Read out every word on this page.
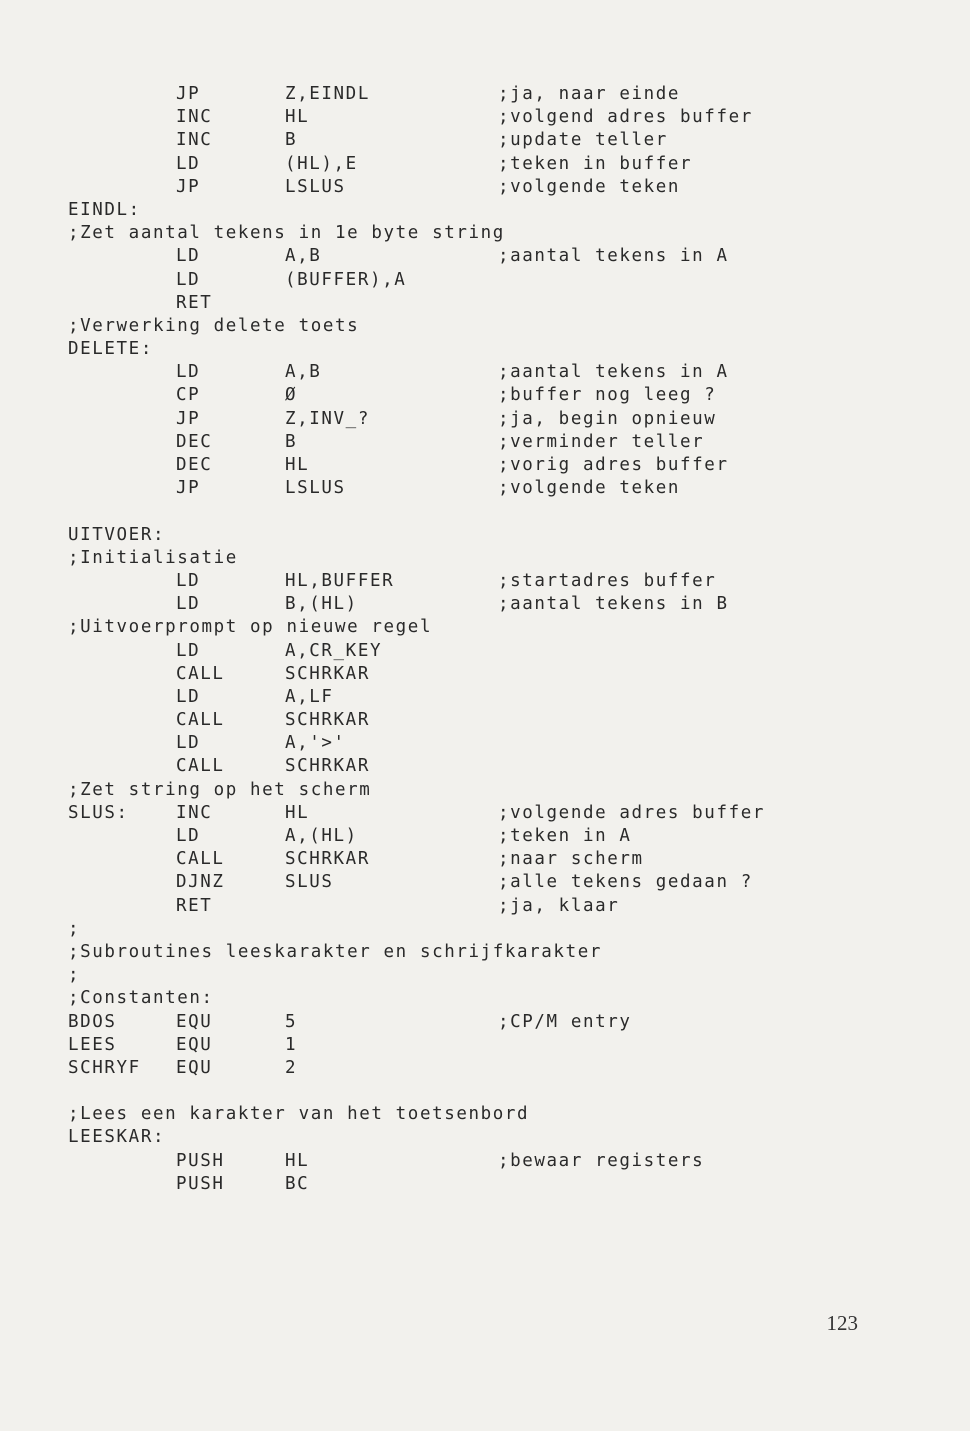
JP	Z,EINDL	;ja, naar einde
INC	HL	;volgend adres buffer
INC	B	;update teller
LD	(HL),E	;teken in buffer
JP	LSLUS	;volgende teken
EINDL:
;Zet aantal tekens in 1e byte string
LD	A,B	;aantal tekens in A
LD	(BUFFER),A
RET
;Verwerking delete toets
DELETE:
LD	A,B	;aantal tekens in A
CP	Ø	;buffer nog leeg ?
JP	Z,INV_?	;ja, begin opnieuw
DEC	B	;verminder teller
DEC	HL	;vorig adres buffer
JP	LSLUS	;volgende teken
UITVOER:
;Initialisatie
LD	HL,BUFFER	;startadres buffer
LD	B,(HL)	;aantal tekens in B
;Uitvoerprompt op nieuwe regel
LD	A,CR_KEY
CALL	SCHRKAR
LD	A,LF
CALL	SCHRKAR
LD	A,'>'
CALL	SCHRKAR
;Zet string op het scherm
SLUS:	INC	HL	;volgende adres buffer
LD	A,(HL)	;teken in A
CALL	SCHRKAR	;naar scherm
DJNZ	SLUS	;alle tekens gedaan ?
RET	;ja, klaar
;
;Subroutines leeskarakter en schrijfkarakter
;
;Constanten:
BDOS	EQU	5	;CP/M entry
LEES	EQU	1
SCHRYF EQU	2
;Lees een karakter van het toetsenbord
LEESKAR:
PUSH	HL	;bewaar registers
PUSH	BC
123
